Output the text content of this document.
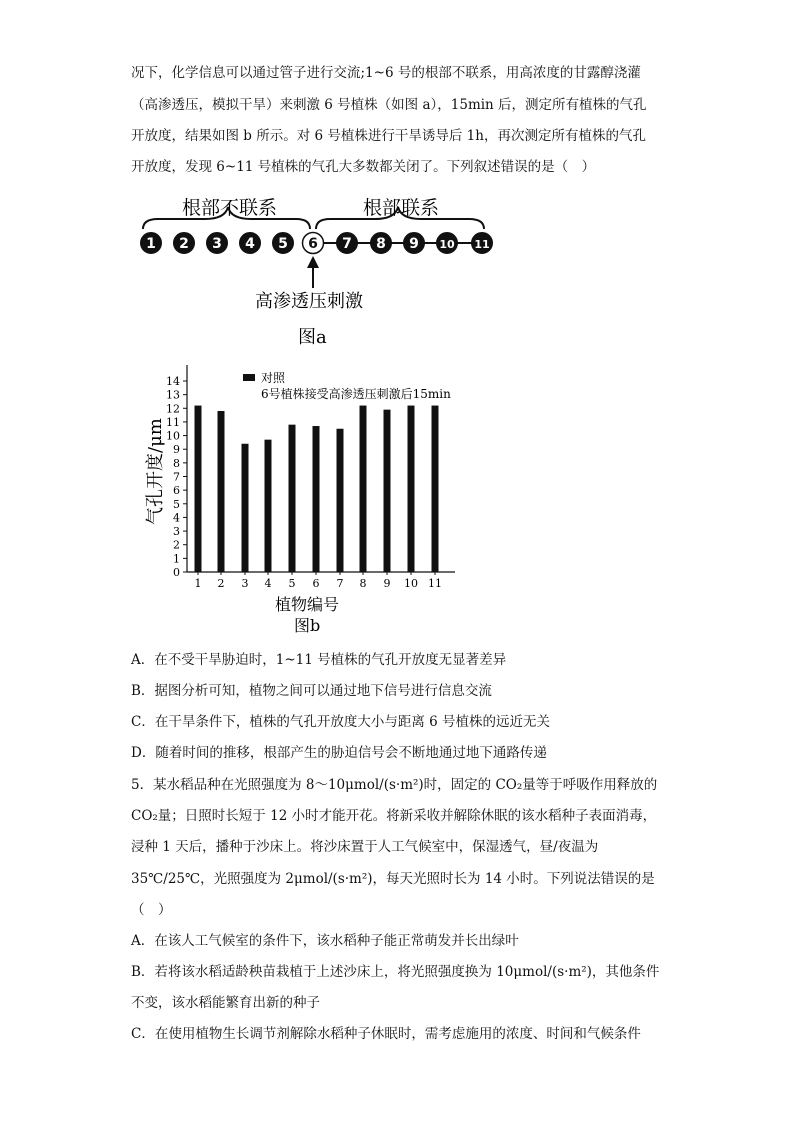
况下，化学信息可以通过管子进行交流;1~6 号的根部不联系，用高浓度的甘露醇浇灌
（高渗透压，模拟干旱）来刺激 6 号植株（如图 a），15min 后，测定所有植株的气孔
开放度，结果如图 b 所示。对 6 号植株进行干旱诱导后 1h，再次测定所有植株的气孔
开放度，发现 6~11 号植株的气孔大多数都关闭了。下列叙述错误的是（　）
根部不联系	根部联系
1 2 3 4 5 6 7 8 9 10 11
高渗透压刺激
图a
0
1
2
3
4
5
6
7
8
9
10
11
12
13
14
1 2 3 4 5 6 7 8 9 10 11
气孔开度/μm
植物编号
图b
对照
6号植株接受高渗透压刺激后15min
A．在不受干旱胁迫时，1~11 号植株的气孔开放度无显著差异
B．据图分析可知，植物之间可以通过地下信号进行信息交流
C．在干旱条件下，植株的气孔开放度大小与距离 6 号植株的远近无关
D．随着时间的推移，根部产生的胁迫信号会不断地通过地下通路传递
5．某水稻品种在光照强度为 8～10μmol/(s·m²)时，固定的 CO₂量等于呼吸作用释放的
CO₂量；日照时长短于 12 小时才能开花。将新采收并解除休眠的该水稻种子表面消毒，
浸种 1 天后，播种于沙床上。将沙床置于人工气候室中，保湿透气，昼/夜温为
35℃/25℃，光照强度为 2μmol/(s·m²)，每天光照时长为 14 小时。下列说法错误的是
（　）
A．在该人工气候室的条件下，该水稻种子能正常萌发并长出绿叶
B．若将该水稻适龄秧苗栽植于上述沙床上，将光照强度换为 10μmol/(s·m²)，其他条件
不变，该水稻能繁育出新的种子
C．在使用植物生长调节剂解除水稻种子休眠时，需考虑施用的浓度、时间和气候条件
